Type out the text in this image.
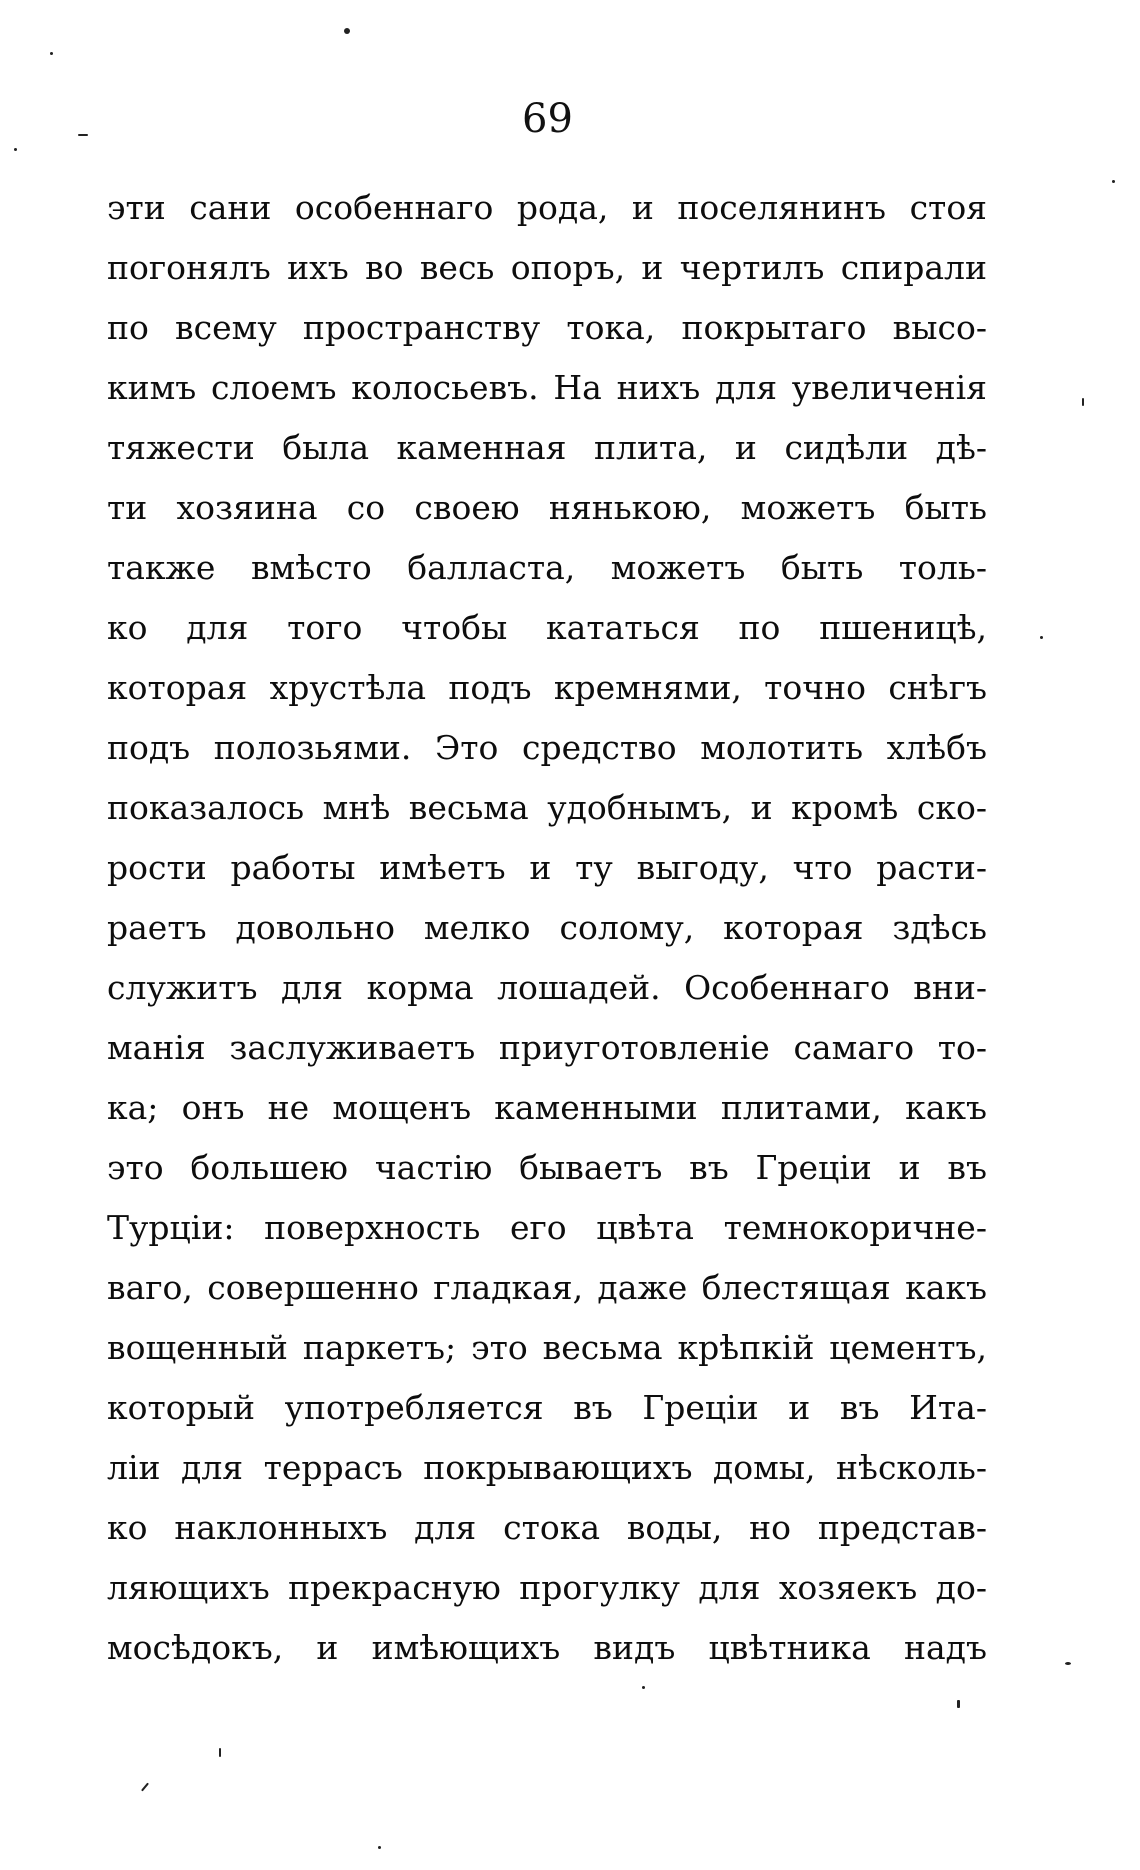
69
эти сани особеннаго рода, и поселянинъ стоя
погонялъ ихъ во весь опоръ, и чертилъ спирали
по всему пространству тока, покрытаго высо-
кимъ слоемъ колосьевъ. На нихъ для увеличенія
тяжести была каменная плита, и сидѣли дѣ-
ти хозяина со своею нянькою, можетъ быть
также вмѣсто балласта, можетъ быть толь-
ко для того чтобы кататься по пшеницѣ,
которая хрустѣла подъ кремнями, точно снѣгъ
подъ полозьями. Это средство молотить хлѣбъ
показалось мнѣ весьма удобнымъ, и кромѣ ско-
рости работы имѣетъ и ту выгоду, что расти-
раетъ довольно мелко солому, которая здѣсь
служитъ для корма лошадей. Особеннаго вни-
манія заслуживаетъ приуготовленіе самаго то-
ка; онъ не мощенъ каменными плитами, какъ
это большею частію бываетъ въ Греціи и въ
Турціи: поверхность его цвѣта темнокоричне-
ваго, совершенно гладкая, даже блестящая какъ
вощенный паркетъ; это весьма крѣпкій цементъ,
который употребляется въ Греціи и въ Ита-
ліи для террасъ покрывающихъ домы, нѣсколь-
ко наклонныхъ для стока воды, но представ-
ляющихъ прекрасную прогулку для хозяекъ до-
мосѣдокъ, и имѣющихъ видъ цвѣтника надъ
